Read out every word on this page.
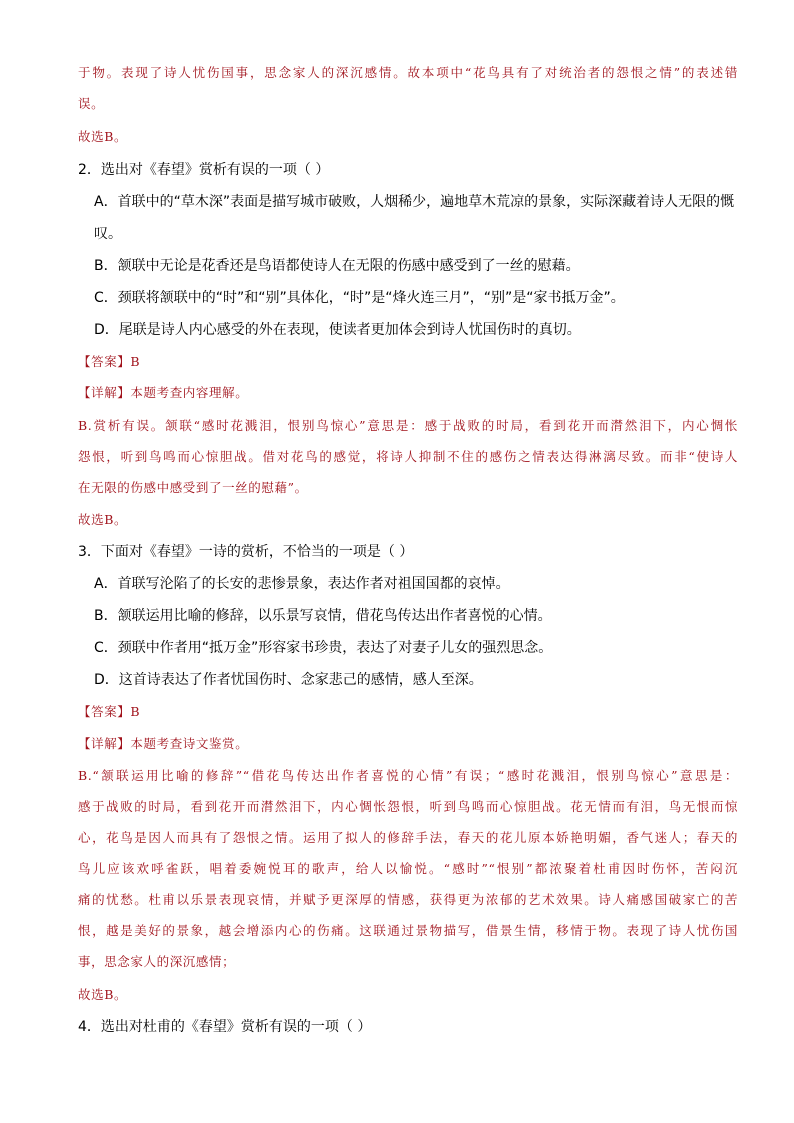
于物。表现了诗人忧伤国事，思念家人的深沉感情。故本项中“花鸟具有了对统治者的怨恨之情”的表述错
误。
故选B。
2．选出对《春望》赏析有误的一项（ ）
A．首联中的“草木深”表面是描写城市破败，人烟稀少，遍地草木荒凉的景象，实际深藏着诗人无限的慨
叹。
B．颔联中无论是花香还是鸟语都使诗人在无限的伤感中感受到了一丝的慰藉。
C．颈联将颔联中的“时”和“别”具体化，“时”是“烽火连三月”，“别”是“家书抵万金”。
D．尾联是诗人内心感受的外在表现，使读者更加体会到诗人忧国伤时的真切。
【答案】B
【详解】本题考查内容理解。
B.赏析有误。颔联“感时花溅泪，恨别鸟惊心”意思是：感于战败的时局，看到花开而潸然泪下，内心惆怅
怨恨，听到鸟鸣而心惊胆战。借对花鸟的感觉，将诗人抑制不住的感伤之情表达得淋漓尽致。而非“使诗人
在无限的伤感中感受到了一丝的慰藉”。
故选B。
3．下面对《春望》一诗的赏析，不恰当的一项是（ ）
A．首联写沦陷了的长安的悲惨景象，表达作者对祖国国都的哀悼。
B．颔联运用比喻的修辞，以乐景写哀情，借花鸟传达出作者喜悦的心情。
C．颈联中作者用“抵万金”形容家书珍贵，表达了对妻子儿女的强烈思念。
D．这首诗表达了作者忧国伤时、念家悲己的感情，感人至深。
【答案】B
【详解】本题考查诗文鉴赏。
B.“颔联运用比喻的修辞”“借花鸟传达出作者喜悦的心情”有误；“感时花溅泪，恨别鸟惊心”意思是：
感于战败的时局，看到花开而潸然泪下，内心惆怅怨恨，听到鸟鸣而心惊胆战。花无情而有泪，鸟无恨而惊
心，花鸟是因人而具有了怨恨之情。运用了拟人的修辞手法，春天的花儿原本娇艳明媚，香气迷人；春天的
鸟儿应该欢呼雀跃，唱着委婉悦耳的歌声，给人以愉悦。“感时”“恨别”都浓聚着杜甫因时伤怀，苦闷沉
痛的忧愁。杜甫以乐景表现哀情，并赋予更深厚的情感，获得更为浓郁的艺术效果。诗人痛感国破家亡的苦
恨，越是美好的景象，越会增添内心的伤痛。这联通过景物描写，借景生情，移情于物。表现了诗人忧伤国
事，思念家人的深沉感情；
故选B。
4．选出对杜甫的《春望》赏析有误的一项（ ）
